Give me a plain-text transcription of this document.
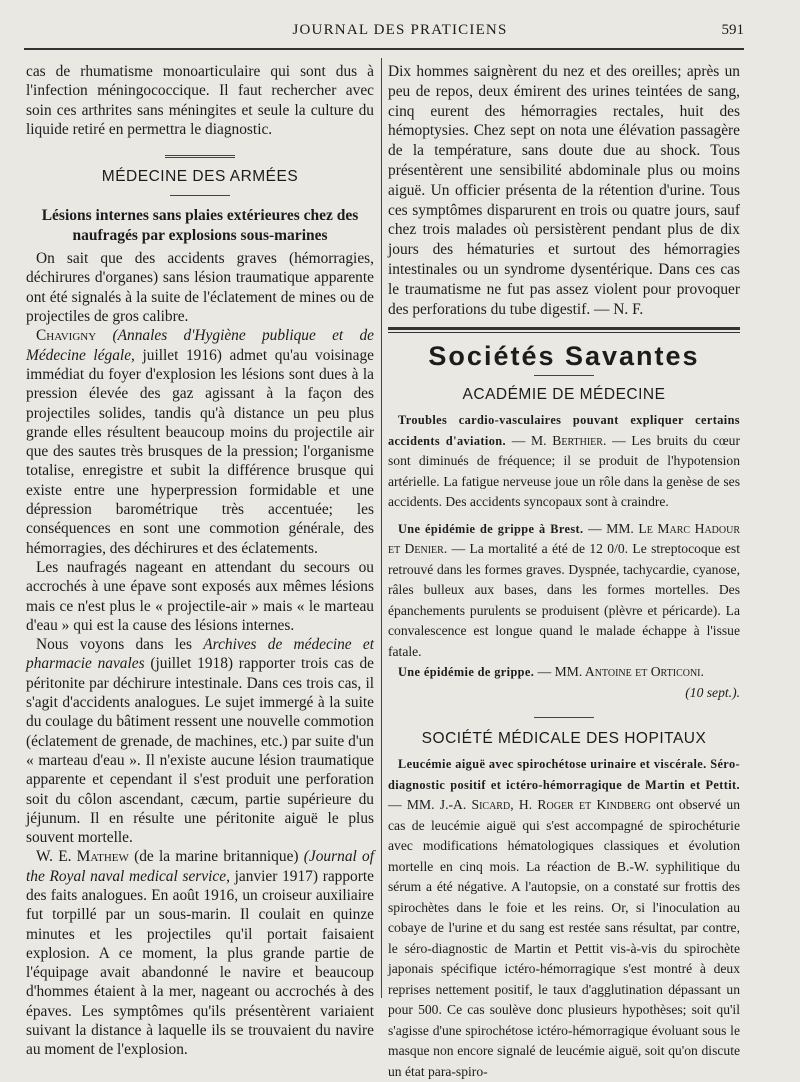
JOURNAL DES PRATICIENS	591

cas de rhumatisme monoarticulaire qui sont dus à l'infection méningococcique. Il faut rechercher avec soin ces arthrites sans méningites et seule la culture du liquide retiré en permettra le diagnostic.

MÉDECINE DES ARMÉES
Lésions internes sans plaies extérieures chez des naufragés par explosions sous-marines

On sait que des accidents graves (hémorragies, déchirures d'organes) sans lésion traumatique apparente ont été signalés à la suite de l'éclatement de mines ou de projectiles de gros calibre.

Chavigny (Annales d'Hygiène publique et de Médecine légale, juillet 1916) admet qu'au voisinage immédiat du foyer d'explosion les lésions sont dues à la pression élevée des gaz agissant à la façon des projectiles solides, tandis qu'à distance un peu plus grande elles résultent beaucoup moins du projectile air que des sautes très brusques de la pression; l'organisme totalise, enregistre et subit la différence brusque qui existe entre une hyperpression formidable et une dépression barométrique très accentuée; les conséquences en sont une commotion générale, des hémorragies, des déchirures et des éclatements.

Les naufragés nageant en attendant du secours ou accrochés à une épave sont exposés aux mêmes lésions mais ce n'est plus le « projectile-air » mais « le marteau d'eau » qui est la cause des lésions internes.

Nous voyons dans les Archives de médecine et pharmacie navales (juillet 1918) rapporter trois cas de péritonite par déchirure intestinale. Dans ces trois cas, il s'agit d'accidents analogues. Le sujet immergé à la suite du coulage du bâtiment ressent une nouvelle commotion (éclatement de grenade, de machines, etc.) par suite d'un « marteau d'eau ». Il n'existe aucune lésion traumatique apparente et cependant il s'est produit une perforation soit du côlon ascendant, cæcum, partie supérieure du jéjunum. Il en résulte une péritonite aiguë le plus souvent mortelle.

W. E. Mathew (de la marine britannique) (Journal of the Royal naval medical service, janvier 1917) rapporte des faits analogues. En août 1916, un croiseur auxiliaire fut torpillé par un sous-marin. Il coulait en quinze minutes et les projectiles qu'il portait faisaient explosion. A ce moment, la plus grande partie de l'équipage avait abandonné le navire et beaucoup d'hommes étaient à la mer, nageant ou accrochés à des épaves. Les symptômes qu'ils présentèrent variaient suivant la distance à laquelle ils se trouvaient du navire au moment de l'explosion.

Dix hommes saignèrent du nez et des oreilles; après un peu de repos, deux émirent des urines teintées de sang, cinq eurent des hémorragies rectales, huit des hémoptysies. Chez sept on nota une élévation passagère de la température, sans doute due au shock. Tous présentèrent une sensibilité abdominale plus ou moins aiguë. Un officier présenta de la rétention d'urine. Tous ces symptômes disparurent en trois ou quatre jours, sauf chez trois malades où persistèrent pendant plus de dix jours des hématuries et surtout des hémorragies intestinales ou un syndrome dysentérique. Dans ces cas le traumatisme ne fut pas assez violent pour provoquer des perforations du tube digestif. — N. F.

Sociétés Savantes
ACADÉMIE DE MÉDECINE

Troubles cardio-vasculaires pouvant expliquer certains accidents d'aviation. — M. Berthier. — Les bruits du cœur sont diminués de fréquence; il se produit de l'hypotension artérielle. La fatigue nerveuse joue un rôle dans la genèse de ses accidents. Des accidents syncopaux sont à craindre.

Une épidémie de grippe à Brest. — MM. Le Marc Hadour et Denier. — La mortalité a été de 12 0/0. Le streptocoque est retrouvé dans les formes graves. Dyspnée, tachycardie, cyanose, râles bulleux aux bases, dans les formes mortelles. Des épanchements purulents se produisent (plèvre et péricarde). La convalescence est longue quand le malade échappe à l'issue fatale.

Une épidémie de grippe. — MM. Antoine et Orticoni.

(10 sept.).

SOCIÉTÉ MÉDICALE DES HOPITAUX

Leucémie aiguë avec spirochétose urinaire et viscérale. Séro-diagnostic positif et ictéro-hémorragique de Martin et Pettit. — MM. J.-A. Sicard, H. Roger et Kindberg ont observé un cas de leucémie aiguë qui s'est accompagné de spirochéturie avec modifications hématologiques classiques et évolution mortelle en cinq mois. La réaction de B.-W. syphilitique du sérum a été négative. A l'autopsie, on a constaté sur frottis des spirochètes dans le foie et les reins. Or, si l'inoculation au cobaye de l'urine et du sang est restée sans résultat, par contre, le séro-diagnostic de Martin et Pettit vis-à-vis du spirochète japonais spécifique ictéro-hémorragique s'est montré à deux reprises nettement positif, le taux d'agglutination dépassant un pour 500. Ce cas soulève donc plusieurs hypothèses; soit qu'il s'agisse d'une spirochétose ictéro-hémorragique évoluant sous le masque non encore signalé de leucémie aiguë, soit qu'on discute un état para-spiro-
